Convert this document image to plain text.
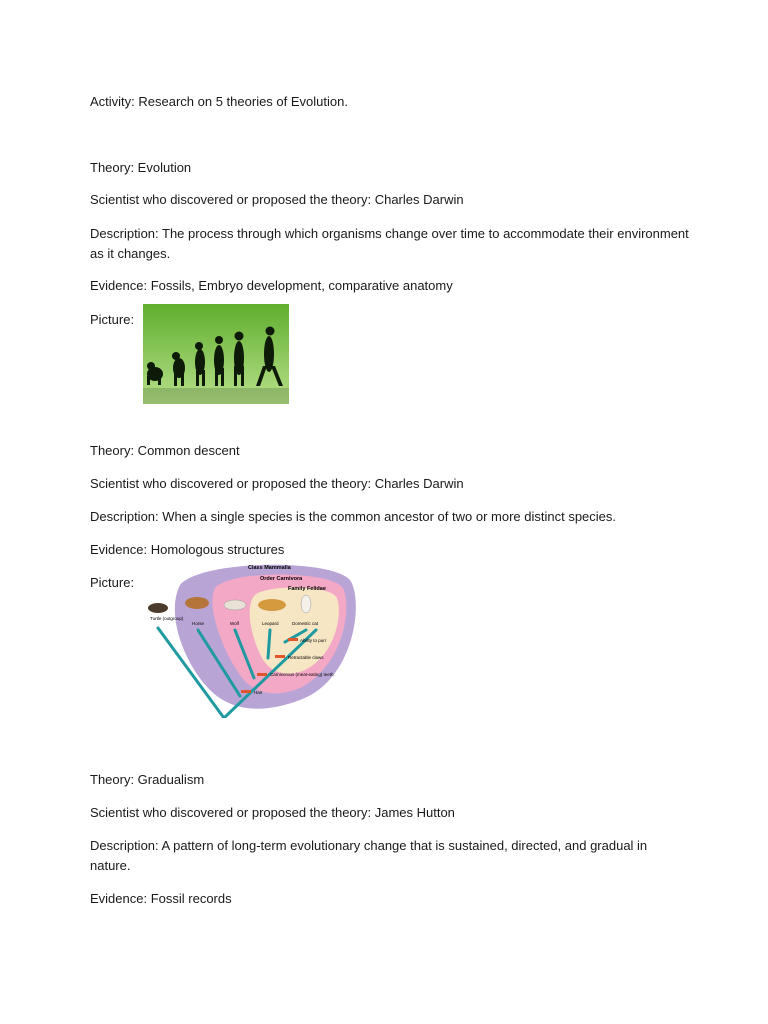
Activity: Research on 5 theories of Evolution.
Theory: Evolution
Scientist who discovered or proposed the theory: Charles Darwin
Description: The process through which organisms change over time to accommodate their environment as it changes.
Evidence: Fossils, Embryo development, comparative anatomy
Picture:
Theory: Common descent
Scientist who discovered or proposed the theory: Charles Darwin
Description: When a single species is the common ancestor of two or more distinct species.
Evidence: Homologous structures
Picture:
Class Mammalia
Order Carnivora
Family Felidae
Turtle (outgroup)
Horse	Wolf	Leopard	Domestic cat
Ability to purr
Retractable claws
Carnivorous (meat-eating) teeth
Hair
Theory: Gradualism
Scientist who discovered or proposed the theory: James Hutton
Description: A pattern of long-term evolutionary change that is sustained, directed, and gradual in nature.
Evidence: Fossil records
